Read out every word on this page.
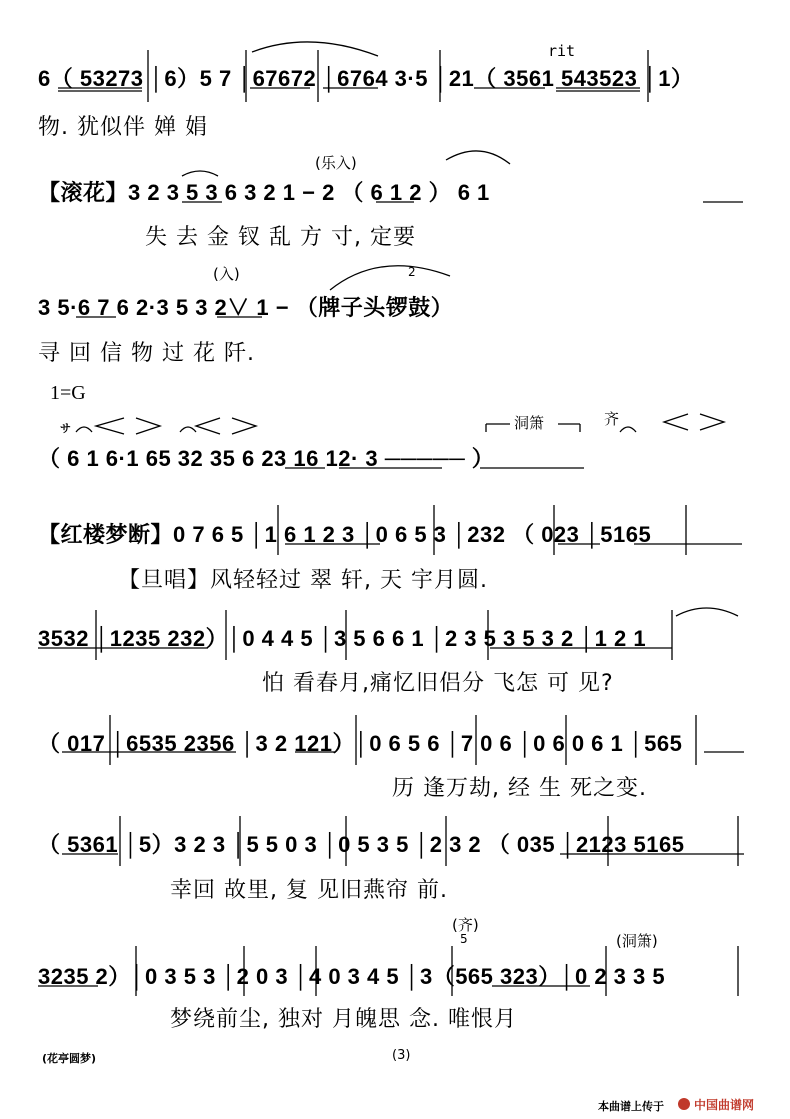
6（ 53273 │6）5 7 │67672 │6764 3·5 │21（ 3561 543523 │1）
物. 犹似伴 婵 娟
rit
【滚花】3 2 3 5 3 6 3 2 1 − 2 （ 6 1 2 ） 6 1
失 去 金 钗 乱 方 寸, 定要
(乐入)
3 5·6 7 6 2·3 5 3 2∨ 1 − （牌子头锣鼓）
寻 回 信 物 过 花 阡.
(入)	2
1=G
サ
（ 6 1 6·1 65 32 35 6 23 16 12· 3 ───── ）
洞箫	齐
【红楼梦断】0 7 6 5 │1 6 1 2 3 │0 6 5 3 │232 （ 023 │5165
【旦唱】风轻轻过 翠 轩, 天 宇月圆.
3532 │1235 232）│0 4 4 5 │3 5 6 6 1 │2 3 5 3 5 3 2 │1 2 1
怕 看春月,痛忆旧侣分 飞怎 可 见?
（ 017 │6535 2356 │3 2 121）│0 6 5 6 │7 0 6 │0 6 0 6 1 │565
历 逢万劫, 经 生 死之变.
（ 5361 │5）3 2 3 │5 5 0 3 │0 5 3 5 │2 3 2 （ 035 │2123 5165
幸回 故里, 复 见旧燕帘 前.
3235 2）│0 3 5 3 │2 0 3 │4 0 3 4 5 │3（565 323）│0 2 3 3 5
梦绕前尘, 独对 月魄思 念. 唯恨月
(齐)
5	(洞箫)
(花亭圆梦)	(3)
本曲谱上传于	中国曲谱网
